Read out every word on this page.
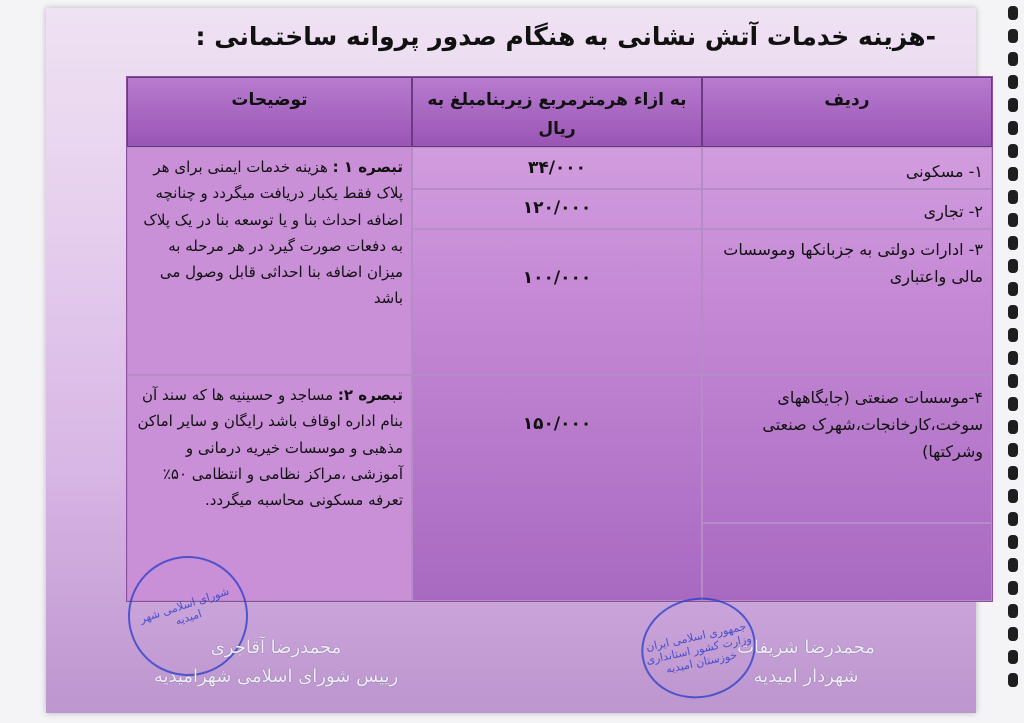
-هزینه خدمات آتش نشانی به هنگام صدور پروانه ساختمانی :
ردیف
به ازاء هرمترمربع زیربنامبلغ به ریال
توضیحات
۱- مسکونی
۳۴/۰۰۰
۲- تجاری
۱۲۰/۰۰۰
۳- ادارات دولتی به جزبانکها وموسسات مالی واعتباری
۱۰۰/۰۰۰
تبصره ۱ : هزینه خدمات ایمنی برای هر پلاک فقط یکبار دریافت میگردد و چنانچه اضافه احداث بنا و یا توسعه بنا در یک پلاک به دفعات صورت گیرد در هر مرحله به میزان اضافه بنا احداثی قابل وصول می باشد
۴-موسسات صنعتی (جایگاههای سوخت،کارخانجات،شهرک صنعتی وشرکتها)
۱۵۰/۰۰۰
تبصره ۲: مساجد و حسینیه ها که سند آن بنام اداره اوقاف باشد رایگان و سایر اماکن مذهبی و موسسات خیریه درمانی و آموزشی ،مراکز نظامی و انتظامی ۵۰٪ تعرفه مسکونی محاسبه میگردد.
شورای اسلامی شهر امیدیه
جمهوری اسلامی ایران وزارت کشور استانداری خوزستان امیدیه
محمدرضا آقاجری
رییس شورای اسلامی شهرامیدیه
محمدرضا شریفات
شهردار امیدیه
